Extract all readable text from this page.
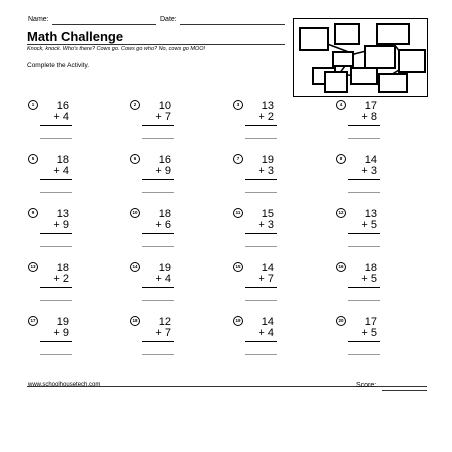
Name:	Date:
Math Challenge
Knock, knock. Who's there? Cows go. Cows go who? No, cows go MOO!
Complete the Activity.
1	16
+ 4
2	10
+ 7
3	13
+ 2
4	17
+ 8
5	18
+ 4
6	16
+ 9
7	19
+ 3
8	14
+ 3
9	13
+ 9
10	18
+ 6
11	15
+ 3
12	13
+ 5
13	18
+ 2
14	19
+ 4
15	14
+ 7
16	18
+ 5
17	19
+ 9
18	12
+ 7
19	14
+ 4
20	17
+ 5
www.schoolhousetech.com	Score:
